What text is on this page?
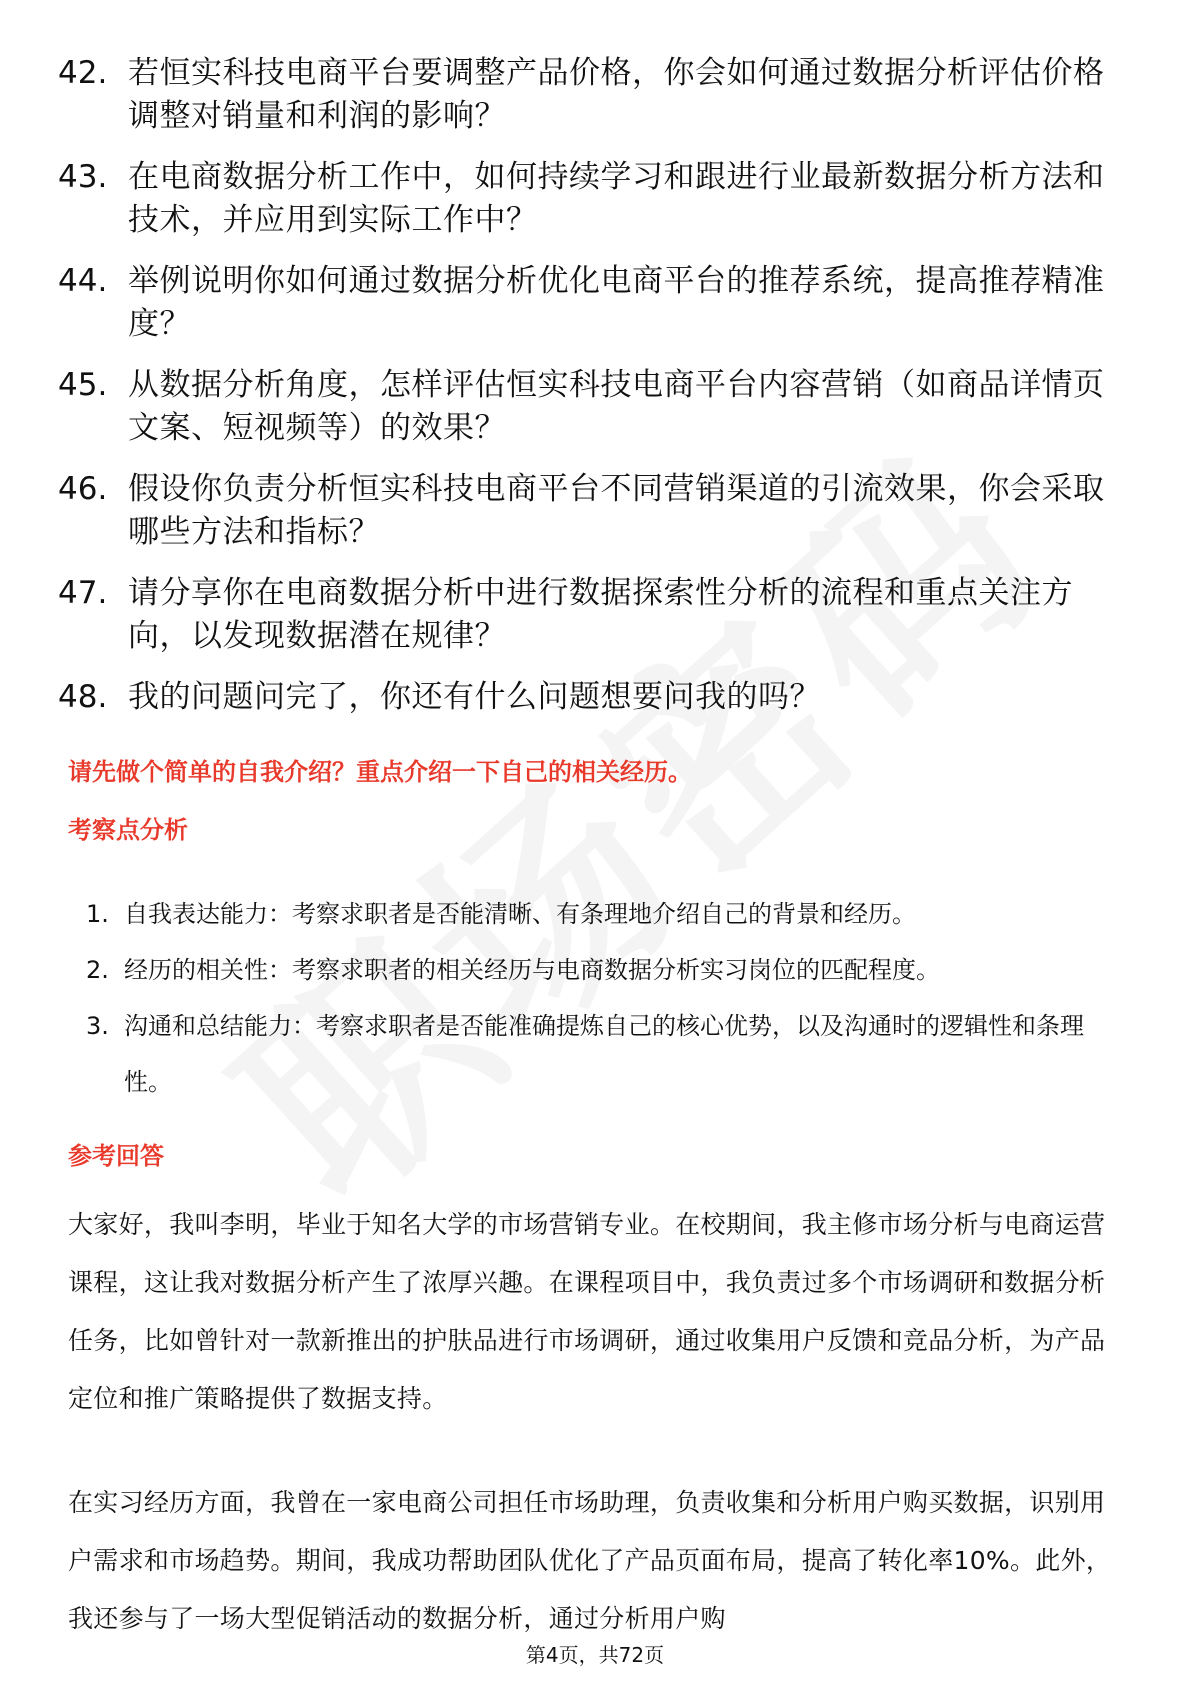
42. 若恒实科技电商平台要调整产品价格，你会如何通过数据分析评估价格调整对销量和利润的影响？
43. 在电商数据分析工作中，如何持续学习和跟进行业最新数据分析方法和技术，并应用到实际工作中？
44. 举例说明你如何通过数据分析优化电商平台的推荐系统，提高推荐精准度？
45. 从数据分析角度，怎样评估恒实科技电商平台内容营销（如商品详情页文案、短视频等）的效果？
46. 假设你负责分析恒实科技电商平台不同营销渠道的引流效果，你会采取哪些方法和指标？
47. 请分享你在电商数据分析中进行数据探索性分析的流程和重点关注方向，以发现数据潜在规律？
48. 我的问题问完了，你还有什么问题想要问我的吗？
请先做个简单的自我介绍？重点介绍一下自己的相关经历。
考察点分析
1. 自我表达能力：考察求职者是否能清晰、有条理地介绍自己的背景和经历。
2. 经历的相关性：考察求职者的相关经历与电商数据分析实习岗位的匹配程度。
3. 沟通和总结能力：考察求职者是否能准确提炼自己的核心优势，以及沟通时的逻辑性和条理性。
参考回答

大家好，我叫李明，毕业于知名大学的市场营销专业。在校期间，我主修市场分析与电商运营课程，这让我对数据分析产生了浓厚兴趣。在课程项目中，我负责过多个市场调研和数据分析任务，比如曾针对一款新推出的护肤品进行市场调研，通过收集用户反馈和竞品分析，为产品定位和推广策略提供了数据支持。

在实习经历方面，我曾在一家电商公司担任市场助理，负责收集和分析用户购买数据，识别用户需求和市场趋势。期间，我成功帮助团队优化了产品页面布局，提高了转化率10%。此外，我还参与了一场大型促销活动的数据分析，通过分析用户购

第4页，共72页
